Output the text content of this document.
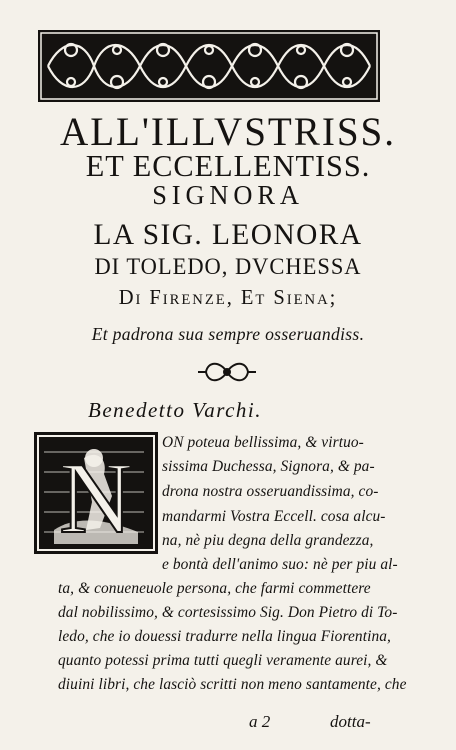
ALL'ILLVSTRISS.
ET ECCELLENTISS.
SIGNORA
LA SIG. LEONORA
DI TOLEDO, DVCHESSA
Di Firenze, Et Siena;
Et padrona sua sempre osseruandiss.
Benedetto Varchi.
N ON poteua bellissima, & virtuo-
sissima Duchessa, Signora, & pa-
drona nostra osseruandissima, co-
mandarmi Vostra Eccell. cosa alcu-
na, nè piu degna della grandezza,
e bontà dell'animo suo: nè per piu al-
ta, & conueneuole persona, che farmi commettere
dal nobilissimo, & cortesissimo Sig. Don Pietro di To-
ledo, che io douessi tradurre nella lingua Fiorentina,
quanto potessi prima tutti quegli veramente aurei, &
diuini libri, che lasciò scritti non meno santamente, che
a 2	dotta-
